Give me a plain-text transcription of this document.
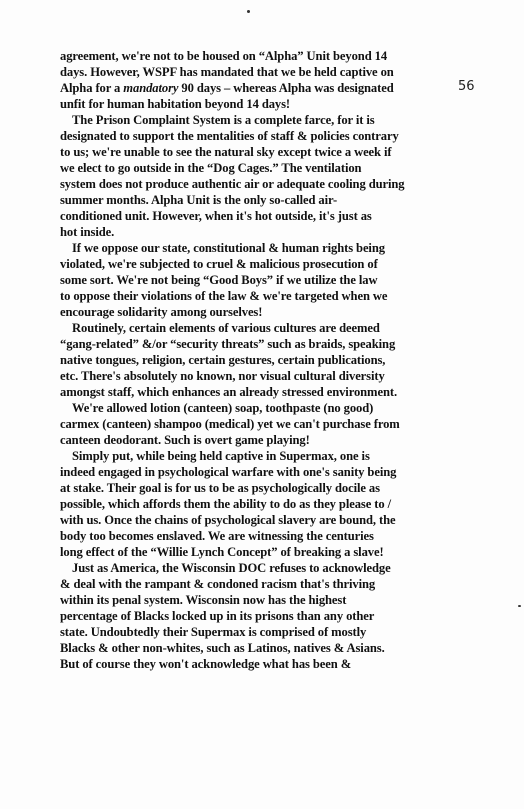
56
agreement, we're not to be housed on “Alpha” Unit beyond 14
days. However, WSPF has mandated that we be held captive on
Alpha for a mandatory 90 days – whereas Alpha was designated
unfit for human habitation beyond 14 days!
The Prison Complaint System is a complete farce, for it is
designated to support the mentalities of staff & policies contrary
to us; we're unable to see the natural sky except twice a week if
we elect to go outside in the “Dog Cages.” The ventilation
system does not produce authentic air or adequate cooling during
summer months. Alpha Unit is the only so-called air-
conditioned unit. However, when it's hot outside, it's just as
hot inside.
If we oppose our state, constitutional & human rights being
violated, we're subjected to cruel & malicious prosecution of
some sort. We're not being “Good Boys” if we utilize the law
to oppose their violations of the law & we're targeted when we
encourage solidarity among ourselves!
Routinely, certain elements of various cultures are deemed
“gang-related” &/or “security threats” such as braids, speaking
native tongues, religion, certain gestures, certain publications,
etc. There's absolutely no known, nor visual cultural diversity
amongst staff, which enhances an already stressed environment.
We're allowed lotion (canteen) soap, toothpaste (no good)
carmex (canteen) shampoo (medical) yet we can't purchase from
canteen deodorant. Such is overt game playing!
Simply put, while being held captive in Supermax, one is
indeed engaged in psychological warfare with one's sanity being
at stake. Their goal is for us to be as psychologically docile as
possible, which affords them the ability to do as they please to /
with us. Once the chains of psychological slavery are bound, the
body too becomes enslaved. We are witnessing the centuries
long effect of the “Willie Lynch Concept” of breaking a slave!
Just as America, the Wisconsin DOC refuses to acknowledge
& deal with the rampant & condoned racism that's thriving
within its penal system. Wisconsin now has the highest
percentage of Blacks locked up in its prisons than any other
state. Undoubtedly their Supermax is comprised of mostly
Blacks & other non-whites, such as Latinos, natives & Asians.
But of course they won't acknowledge what has been &
